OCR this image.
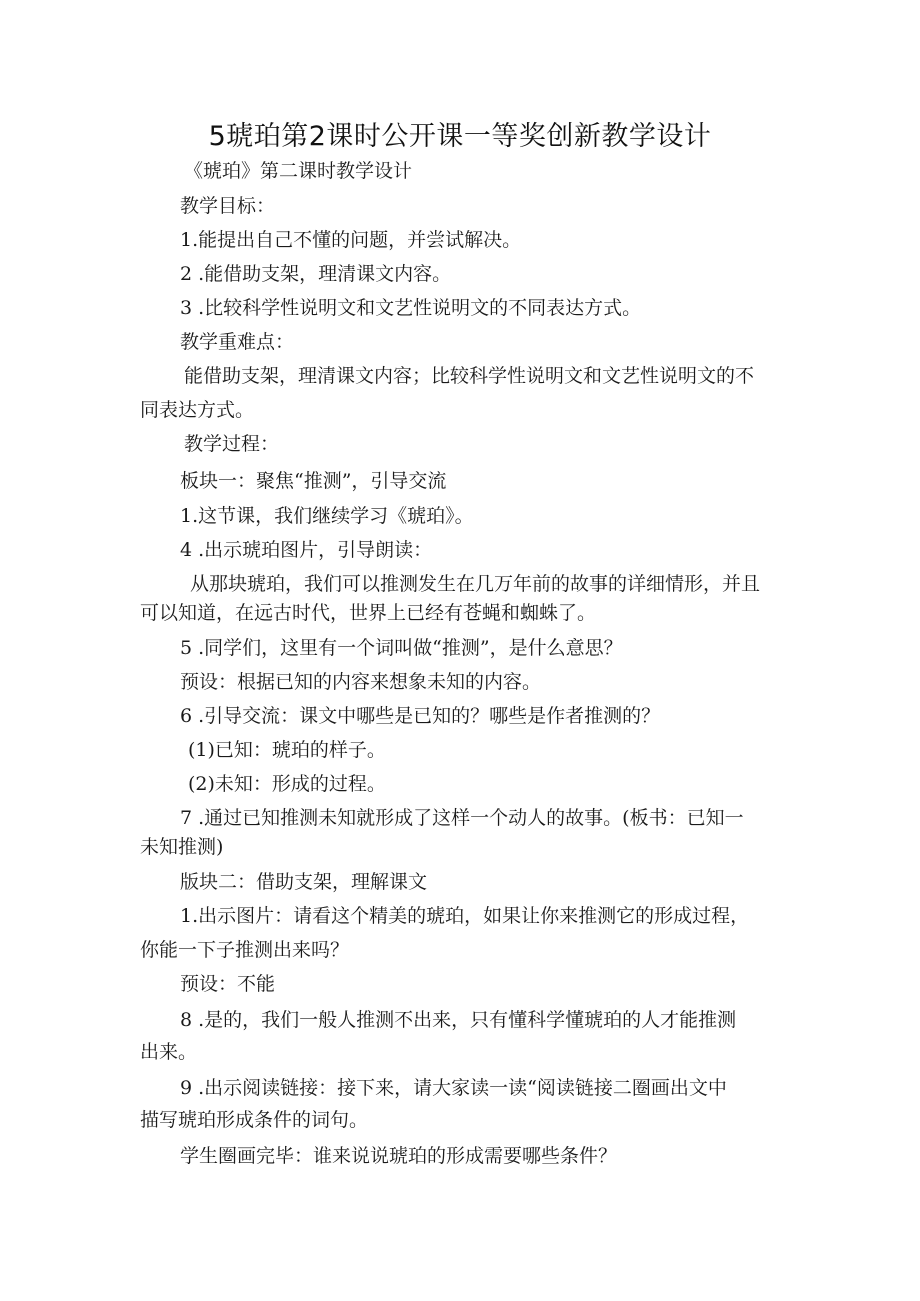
5琥珀第2课时公开课一等奖创新教学设计
《琥珀》第二课时教学设计
教学目标：
1.能提出自己不懂的问题，并尝试解决。
2 .能借助支架，理清课文内容。
3 .比较科学性说明文和文艺性说明文的不同表达方式。
教学重难点：
能借助支架，理清课文内容；比较科学性说明文和文艺性说明文的不
同表达方式。
教学过程：
板块一：聚焦“推测”，引导交流
1.这节课，我们继续学习《琥珀》。
4 .出示琥珀图片，引导朗读：
从那块琥珀，我们可以推测发生在几万年前的故事的详细情形，并且
可以知道，在远古时代，世界上已经有苍蝇和蜘蛛了。
5 .同学们，这里有一个词叫做“推测”，是什么意思？
预设：根据已知的内容来想象未知的内容。
6 .引导交流：课文中哪些是已知的？哪些是作者推测的？
(1)已知：琥珀的样子。
(2)未知：形成的过程。
7 .通过已知推测未知就形成了这样一个动人的故事。(板书：已知一
未知推测)
版块二：借助支架，理解课文
1.出示图片：请看这个精美的琥珀，如果让你来推测它的形成过程，
你能一下子推测出来吗？
预设：不能
8 .是的，我们一般人推测不出来，只有懂科学懂琥珀的人才能推测
出来。
9 .出示阅读链接：接下来，请大家读一读“阅读链接二圈画出文中
描写琥珀形成条件的词句。
学生圈画完毕：谁来说说琥珀的形成需要哪些条件？
